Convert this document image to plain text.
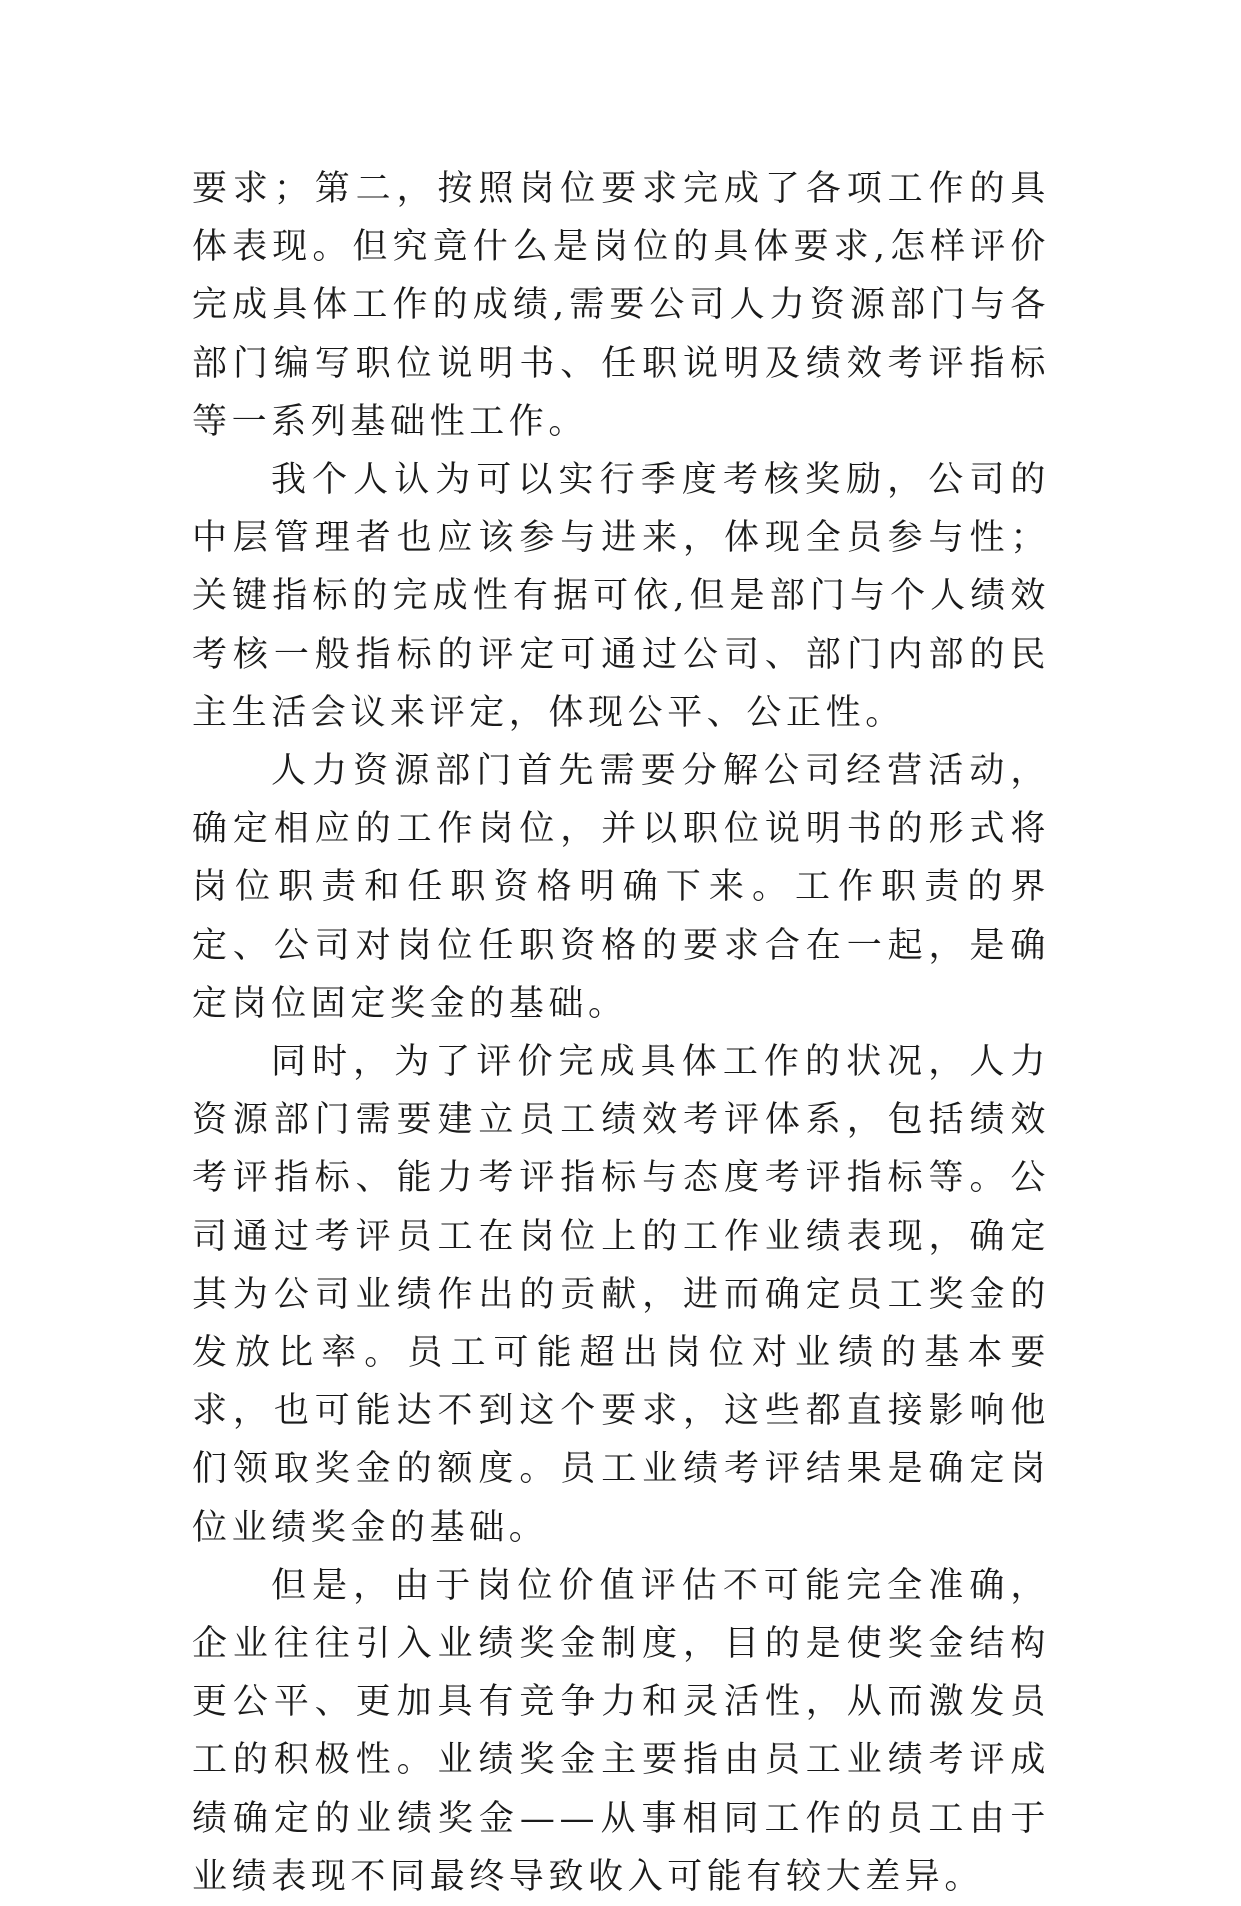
要求；第二，按照岗位要求完成了各项工作的具体表现。但究竟什么是岗位的具体要求,怎样评价完成具体工作的成绩,需要公司人力资源部门与各部门编写职位说明书、任职说明及绩效考评指标等一系列基础性工作。

我个人认为可以实行季度考核奖励，公司的中层管理者也应该参与进来，体现全员参与性；关键指标的完成性有据可依,但是部门与个人绩效考核一般指标的评定可通过公司、部门内部的民主生活会议来评定，体现公平、公正性。

人力资源部门首先需要分解公司经营活动，确定相应的工作岗位，并以职位说明书的形式将岗位职责和任职资格明确下来。工作职责的界定、公司对岗位任职资格的要求合在一起，是确定岗位固定奖金的基础。

同时，为了评价完成具体工作的状况，人力资源部门需要建立员工绩效考评体系，包括绩效考评指标、能力考评指标与态度考评指标等。公司通过考评员工在岗位上的工作业绩表现，确定其为公司业绩作出的贡献，进而确定员工奖金的发放比率。员工可能超出岗位对业绩的基本要求，也可能达不到这个要求，这些都直接影响他们领取奖金的额度。员工业绩考评结果是确定岗位业绩奖金的基础。

但是，由于岗位价值评估不可能完全准确，企业往往引入业绩奖金制度，目的是使奖金结构更公平、更加具有竞争力和灵活性，从而激发员工的积极性。业绩奖金主要指由员工业绩考评成绩确定的业绩奖金——从事相同工作的员工由于业绩表现不同最终导致收入可能有较大差异。
